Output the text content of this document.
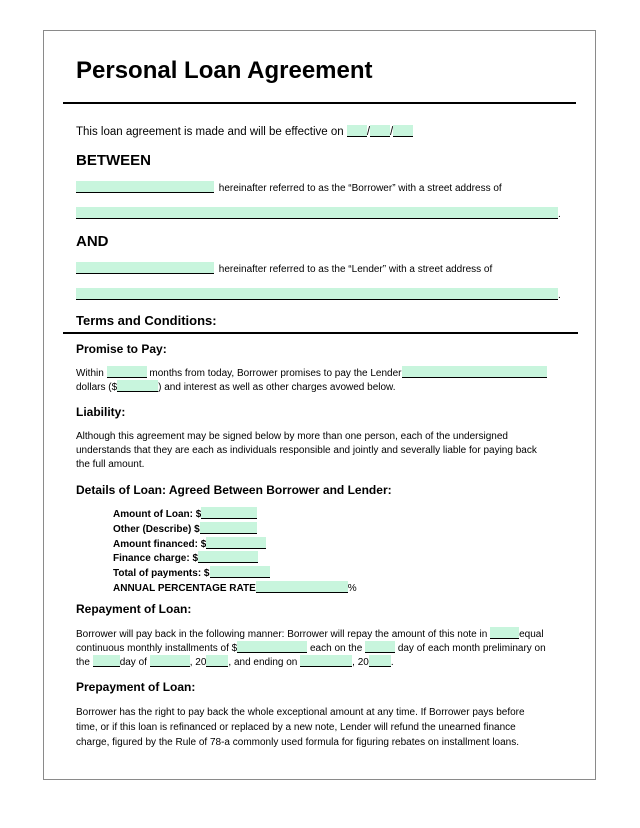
Personal Loan Agreement
This loan agreement is made and will be effective on / /
BETWEEN
hereinafter referred to as the “Borrower” with a street address of
.
AND
hereinafter referred to as the “Lender” with a street address of
.
Terms and Conditions:
Promise to Pay:
Within	months from today, Borrower promises to pay the Lender
dollars ($	) and interest as well as other charges avowed below.
Liability:
Although this agreement may be signed below by more than one person, each of the undersigned
understands that they are each as individuals responsible and jointly and severally liable for paying back
the full amount.
Details of Loan: Agreed Between Borrower and Lender:
Amount of Loan: $
Other (Describe) $
Amount financed: $
Finance charge: $
Total of payments: $
ANNUAL PERCENTAGE RATE	%
Repayment of Loan:
Borrower will pay back in the following manner: Borrower will repay the amount of this note in	equal
continuous monthly installments of $	each on the	day of each month preliminary on
the	day of	, 20 , and ending on	, 20 .
Prepayment of Loan:
Borrower has the right to pay back the whole exceptional amount at any time. If Borrower pays before
time, or if this loan is refinanced or replaced by a new note, Lender will refund the unearned finance
charge, figured by the Rule of 78-a commonly used formula for figuring rebates on installment loans.
